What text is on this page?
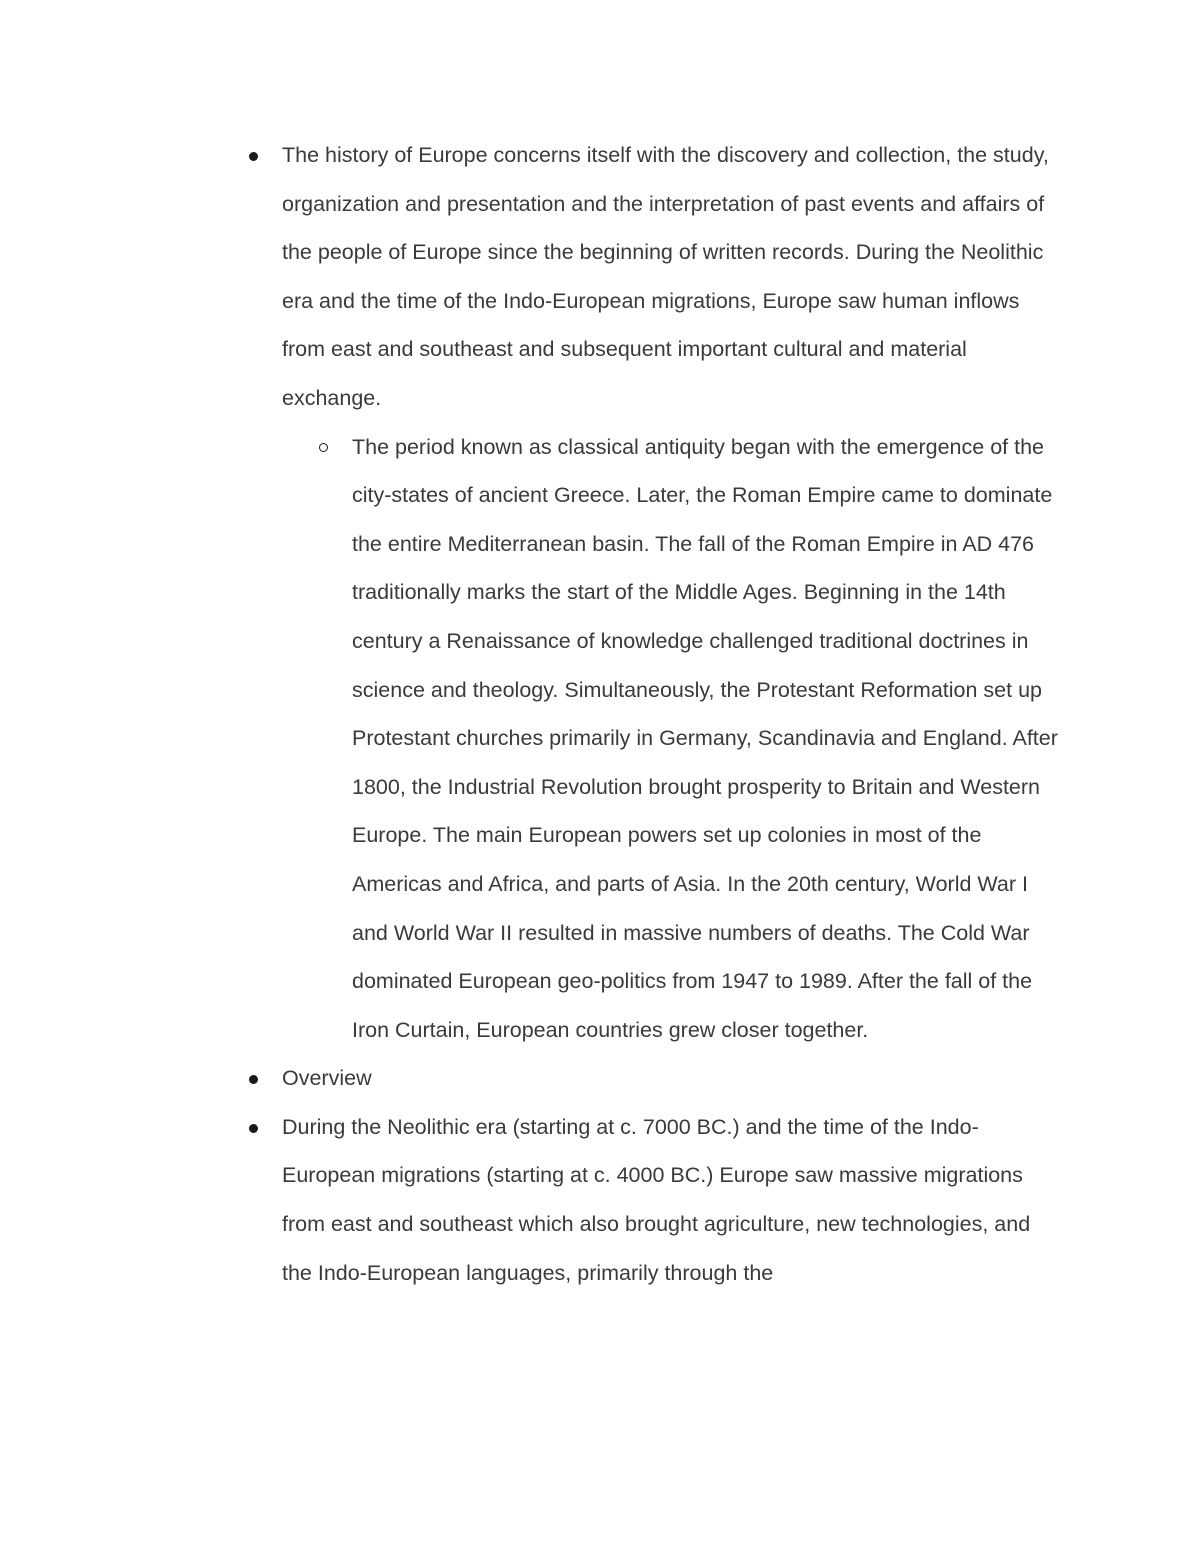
The history of Europe concerns itself with the discovery and collection, the study, organization and presentation and the interpretation of past events and affairs of the people of Europe since the beginning of written records. During the Neolithic era and the time of the Indo-European migrations, Europe saw human inflows from east and southeast and subsequent important cultural and material exchange.
The period known as classical antiquity began with the emergence of the city-states of ancient Greece. Later, the Roman Empire came to dominate the entire Mediterranean basin. The fall of the Roman Empire in AD 476 traditionally marks the start of the Middle Ages. Beginning in the 14th century a Renaissance of knowledge challenged traditional doctrines in science and theology. Simultaneously, the Protestant Reformation set up Protestant churches primarily in Germany, Scandinavia and England. After 1800, the Industrial Revolution brought prosperity to Britain and Western Europe. The main European powers set up colonies in most of the Americas and Africa, and parts of Asia. In the 20th century, World War I and World War II resulted in massive numbers of deaths. The Cold War dominated European geo-politics from 1947 to 1989. After the fall of the Iron Curtain, European countries grew closer together.
Overview
During the Neolithic era (starting at c. 7000 BC.) and the time of the Indo-European migrations (starting at c. 4000 BC.) Europe saw massive migrations from east and southeast which also brought agriculture, new technologies, and the Indo-European languages, primarily through the
